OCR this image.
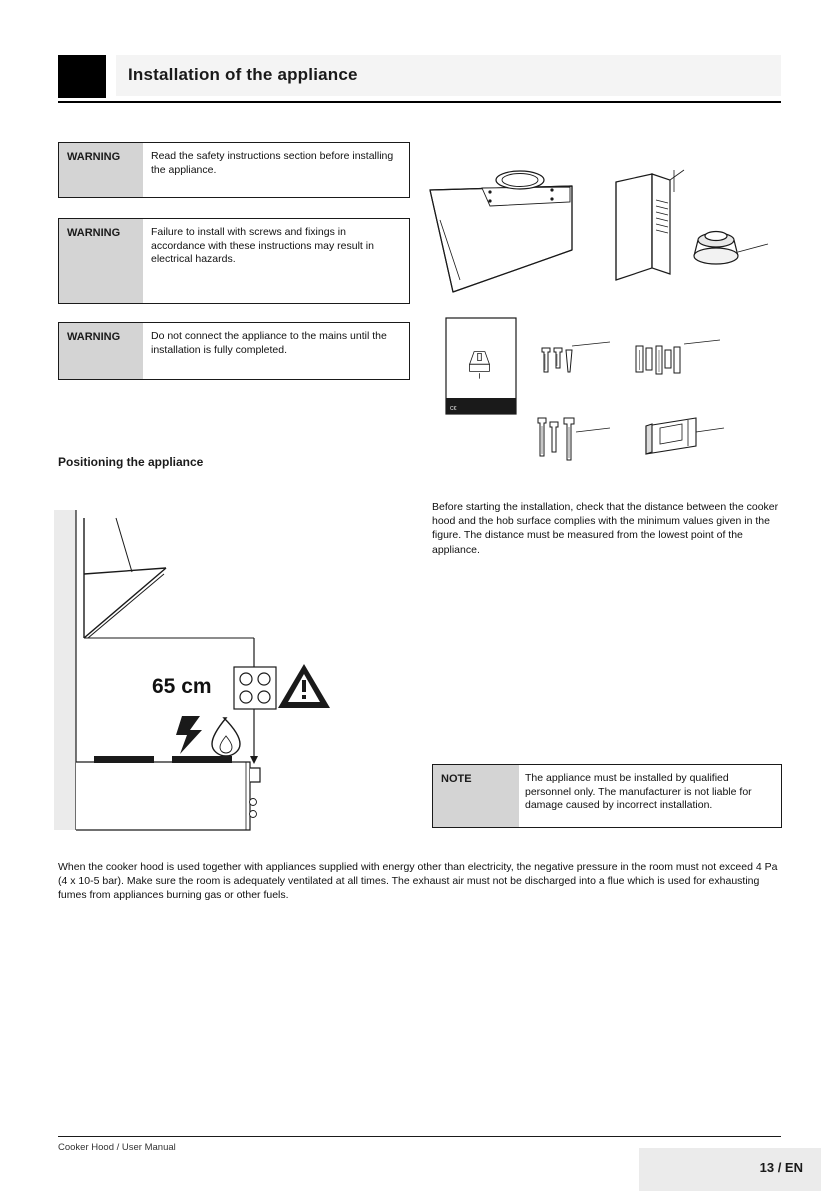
Installation of the appliance
WARNING	Read the safety instructions section before installing the appliance.
WARNING	Failure to install with screws and fixings in accordance with these instructions may result in electrical hazards.
WARNING	Do not connect the appliance to the mains until the installation is fully completed.
C€
Positioning the appliance
65 cm
Before starting the installation, check that the distance between the cooker hood and the hob surface complies with the minimum values given in the figure. The distance must be measured from the lowest point of the appliance.
NOTE	The appliance must be installed by qualified personnel only. The manufacturer is not liable for damage caused by incorrect installation.
When the cooker hood is used together with appliances supplied with energy other than electricity, the negative pressure in the room must not exceed 4 Pa (4 x 10-5 bar). Make sure the room is adequately ventilated at all times. The exhaust air must not be discharged into a flue which is used for exhausting fumes from appliances burning gas or other fuels.
Cooker Hood / User Manual
13 / EN
